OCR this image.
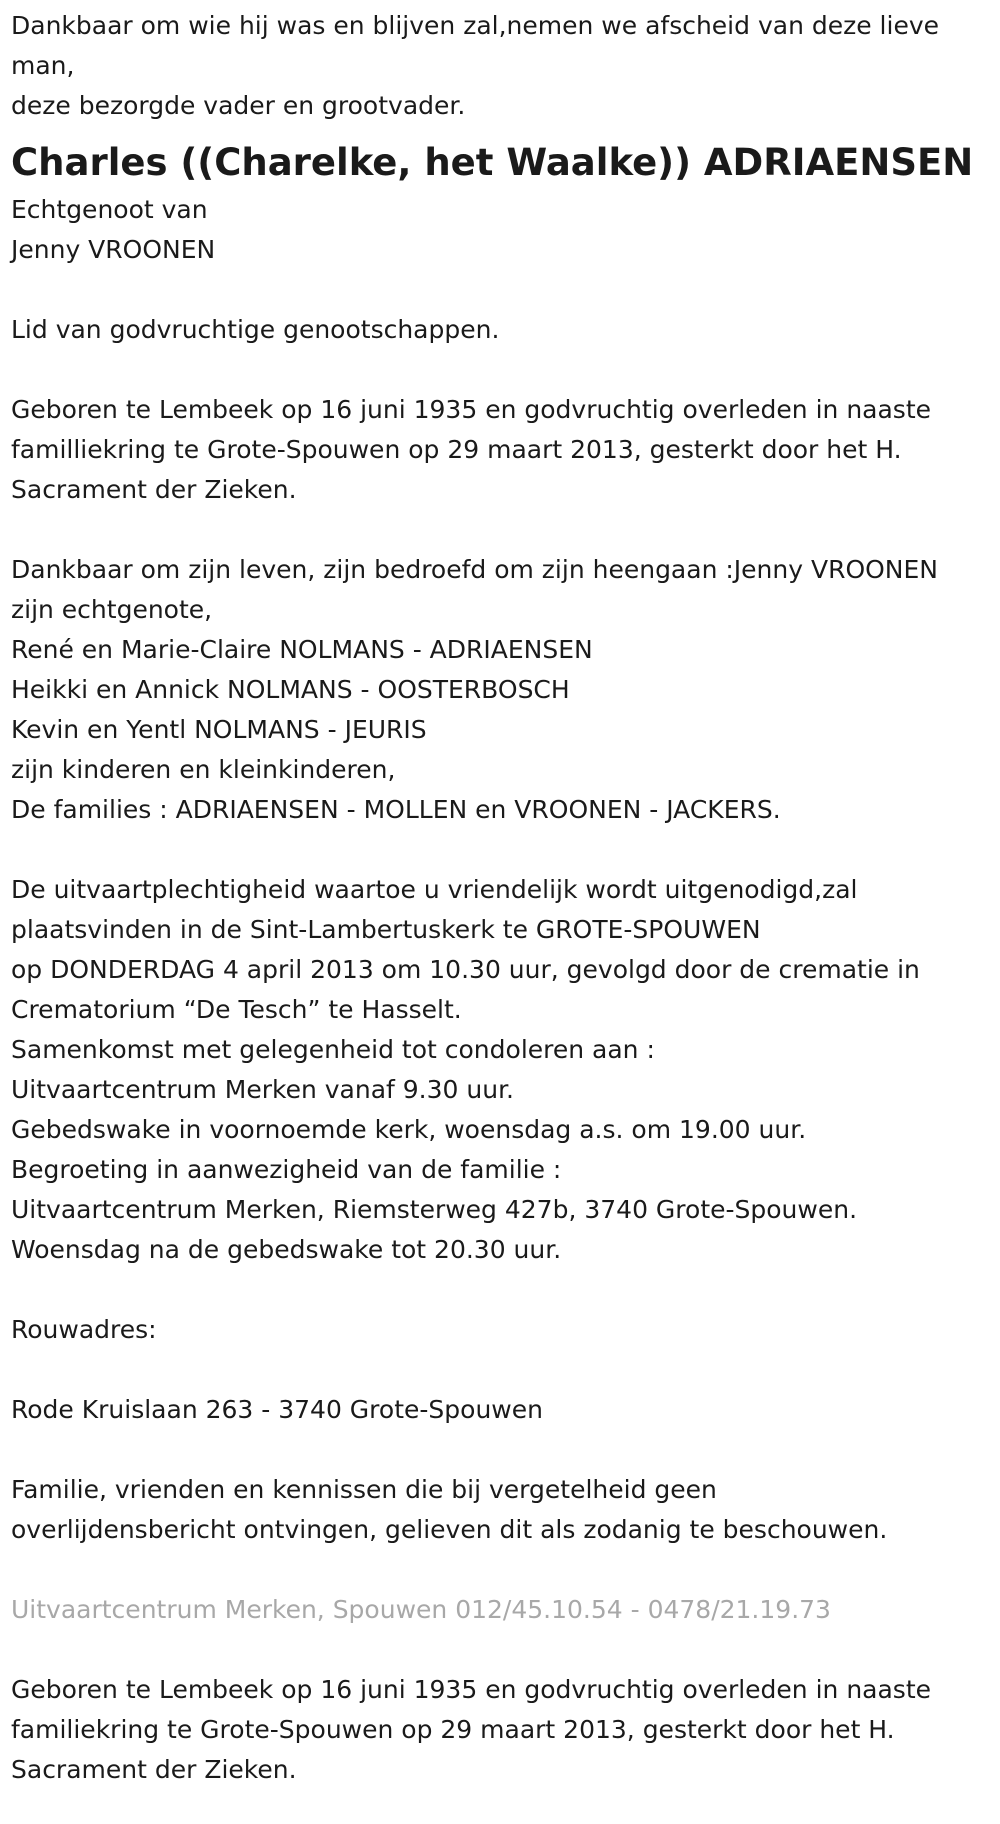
Dankbaar om wie hij was en blijven zal,nemen we afscheid van deze lieve
man,
deze bezorgde vader en grootvader.
Charles ((Charelke, het Waalke)) ADRIAENSEN
Echtgenoot van
Jenny VROONEN
Lid van godvruchtige genootschappen.
Geboren te Lembeek op 16 juni 1935 en godvruchtig overleden in naaste
familliekring te Grote-Spouwen op 29 maart 2013, gesterkt door het H.
Sacrament der Zieken.
Dankbaar om zijn leven, zijn bedroefd om zijn heengaan :Jenny VROONEN
zijn echtgenote,
René en Marie-Claire NOLMANS - ADRIAENSEN
Heikki en Annick NOLMANS - OOSTERBOSCH
Kevin en Yentl NOLMANS - JEURIS
zijn kinderen en kleinkinderen,
De families : ADRIAENSEN - MOLLEN en VROONEN - JACKERS.
De uitvaartplechtigheid waartoe u vriendelijk wordt uitgenodigd,zal
plaatsvinden in de Sint-Lambertuskerk te GROTE-SPOUWEN
op DONDERDAG 4 april 2013 om 10.30 uur, gevolgd door de crematie in
Crematorium “De Tesch” te Hasselt.
Samenkomst met gelegenheid tot condoleren aan :
Uitvaartcentrum Merken vanaf 9.30 uur.
Gebedswake in voornoemde kerk, woensdag a.s. om 19.00 uur.
Begroeting in aanwezigheid van de familie :
Uitvaartcentrum Merken, Riemsterweg 427b, 3740 Grote-Spouwen.
Woensdag na de gebedswake tot 20.30 uur.
Rouwadres:
Rode Kruislaan 263 - 3740 Grote-Spouwen
Familie, vrienden en kennissen die bij vergetelheid geen
overlijdensbericht ontvingen, gelieven dit als zodanig te beschouwen.
Uitvaartcentrum Merken, Spouwen 012/45.10.54 - 0478/21.19.73
Geboren te Lembeek op 16 juni 1935 en godvruchtig overleden in naaste
familiekring te Grote-Spouwen op 29 maart 2013, gesterkt door het H.
Sacrament der Zieken.
